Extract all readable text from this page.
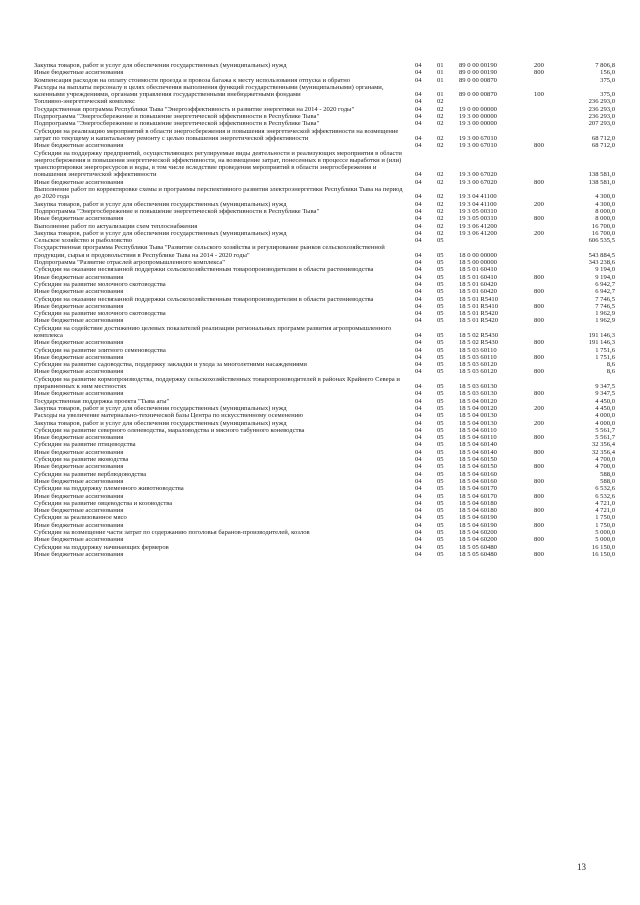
Закупка товаров, работ и услуг для обеспечения государственных (муниципальных) нужд	04	01	89 0 00 00190	200	7 806,8
Иные бюджетные ассигнования	04	01	89 0 00 00190	800	156,0
Компенсация расходов на оплату стоимости проезда и провоза багажа к месту использования отпуска и обратно	04	01	89 0 00 00870		375,0
Расходы на выплаты персоналу в целях обеспечения выполнения функций государственными (муниципальными) органами, казенными учреждениями, органами управления государственными внебюджетными фондами	04	01	89 0 00 00870	100	375,0
Топливно-энергетический комплекс	04	02			236 293,0
Государственная программа Республики Тыва "Энергоэффективность и развитие энергетики на 2014 - 2020 годы"	04	02	19 0 00 00000		236 293,0
Подпрограмма "Энергосбережение и повышение энергетической эффективности в Республике Тыва"	04	02	19 3 00 00000		236 293,0
Подпрограмма "Энергосбережение и повышение энергетической эффективности в Республике Тыва"	04	02	19 3 00 00000		207 293,0
Субсидии на реализацию мероприятий в области энергосбережения и повышения энергетической эффективности на возмещение затрат по текущему и капитальному ремонту с целью повышения энергетической эффективности	04	02	19 3 00 67010		68 712,0
Иные бюджетные ассигнования	04	02	19 3 00 67010	800	68 712,0
Субсидии на поддержку предприятий, осуществляющих регулируемые виды деятельности и реализующих мероприятия в области энергосбережения и повышения энергетической эффективности, на возмещение затрат, понесенных в процессе выработки и (или) транспортировки энергоресурсов и воды, в том числе вследствие проведения мероприятий в области энергосбережения и повышения энергетической эффективности	04	02	19 3 00 67020		138 581,0
Иные бюджетные ассигнования	04	02	19 3 00 67020	800	138 581,0
Выполнение работ по корректировке схемы и программы перспективного развития электроэнергетики Республики Тыва на период до 2020 года	04	02	19 3 04 41100		4 300,0
Закупка товаров, работ и услуг для обеспечения государственных (муниципальных) нужд	04	02	19 3 04 41100	200	4 300,0
Подпрограмма "Энергосбережение и повышение энергетической эффективности в Республике Тыва"	04	02	19 3 05 00310		8 000,0
Иные бюджетные ассигнования	04	02	19 3 05 00310	800	8 000,0
Выполнение работ по актуализации схем теплоснабжения	04	02	19 3 06 41200		16 700,0
Закупка товаров, работ и услуг для обеспечения государственных (муниципальных) нужд	04	02	19 3 06 41200	200	16 700,0
Сельское хозяйство и рыболовство	04	05			606 535,5
Государственная программа Республики Тыва "Развитие сельского хозяйства и регулирование рынков сельскохозяйственной продукции, сырья и продовольствия в Республике Тыва на 2014 - 2020 годы"	04	05	18 0 00 00000		543 884,5
Подпрограмма "Развитие отраслей агропромышленного комплекса"	04	05	18 5 00 00000		343 238,6
Субсидии на оказание несвязанной поддержки сельскохозяйственным товаропроизводителям в области растениеводства	04	05	18 5 01 60410		9 194,0
Иные бюджетные ассигнования	04	05	18 5 01 60410	800	9 194,0
Субсидии на развитие молочного скотоводства	04	05	18 5 01 60420		6 942,7
Иные бюджетные ассигнования	04	05	18 5 01 60420	800	6 942,7
Субсидии на оказание несвязанной поддержки сельскохозяйственным товаропроизводителям в области растениеводства	04	05	18 5 01 R5410		7 746,5
Иные бюджетные ассигнования	04	05	18 5 01 R5410	800	7 746,5
Субсидии на развитие молочного скотоводства	04	05	18 5 01 R5420		1 962,9
Иные бюджетные ассигнования	04	05	18 5 01 R5420	800	1 962,9
Субсидии на содействие достижению целевых показателей реализации региональных программ развития агропромышленного комплекса	04	05	18 5 02 R5430		191 146,3
Иные бюджетные ассигнования	04	05	18 5 02 R5430	800	191 146,3
Субсидии на развитие элитного семеноводства	04	05	18 5 03 60110		1 751,6
Иные бюджетные ассигнования	04	05	18 5 03 60110	800	1 751,6
Субсидии на развитие садоводства, поддержку закладки и ухода за многолетними насаждениями	04	05	18 5 03 60120		8,6
Иные бюджетные ассигнования	04	05	18 5 03 60120	800	8,6
Субсидии на развитие кормопроизводства, поддержку сельскохозяйственных товаропроизводителей в районах Крайнего Севера и приравненных к ним местностях	04	05	18 5 03 60130		9 347,5
Иные бюджетные ассигнования	04	05	18 5 03 60130	800	9 347,5
Государственная поддержка проекта "Тыва агы"	04	05	18 5 04 00120		4 450,0
Закупка товаров, работ и услуг для обеспечения государственных (муниципальных) нужд	04	05	18 5 04 00120	200	4 450,0
Расходы на увеличение материально-технической базы Центра по искусственному осеменению	04	05	18 5 04 00130		4 000,0
Закупка товаров, работ и услуг для обеспечения государственных (муниципальных) нужд	04	05	18 5 04 00130	200	4 000,0
Субсидии на развитие северного оленеводства, мараловодства и мясного табунного коневодства	04	05	18 5 04 60110		5 561,7
Иные бюджетные ассигнования	04	05	18 5 04 60110	800	5 561,7
Субсидии на развитие птицеводства	04	05	18 5 04 60140		32 356,4
Иные бюджетные ассигнования	04	05	18 5 04 60140	800	32 356,4
Субсидии на развитие яководства	04	05	18 5 04 60150		4 700,0
Иные бюджетные ассигнования	04	05	18 5 04 60150	800	4 700,0
Субсидии на развитие верблюдоводства	04	05	18 5 04 60160		588,0
Иные бюджетные ассигнования	04	05	18 5 04 60160	800	588,0
Субсидии на поддержку племенного животноводства	04	05	18 5 04 60170		6 532,6
Иные бюджетные ассигнования	04	05	18 5 04 60170	800	6 532,6
Субсидии на развитие овцеводства и козоводства	04	05	18 5 04 60180		4 721,0
Иные бюджетные ассигнования	04	05	18 5 04 60180	800	4 721,0
Субсидии за реализованное мясо	04	05	18 5 04 60190		1 750,0
Иные бюджетные ассигнования	04	05	18 5 04 60190	800	1 750,0
Субсидии на возмещение части затрат по содержанию поголовья баранов-производителей, козлов	04	05	18 5 04 60200		5 000,0
Иные бюджетные ассигнования	04	05	18 5 04 60200	800	5 000,0
Субсидии на поддержку начинающих фермеров	04	05	18 5 05 60480		16 150,0
Иные бюджетные ассигнования	04	05	18 5 05 60480	800	16 150,0
13
